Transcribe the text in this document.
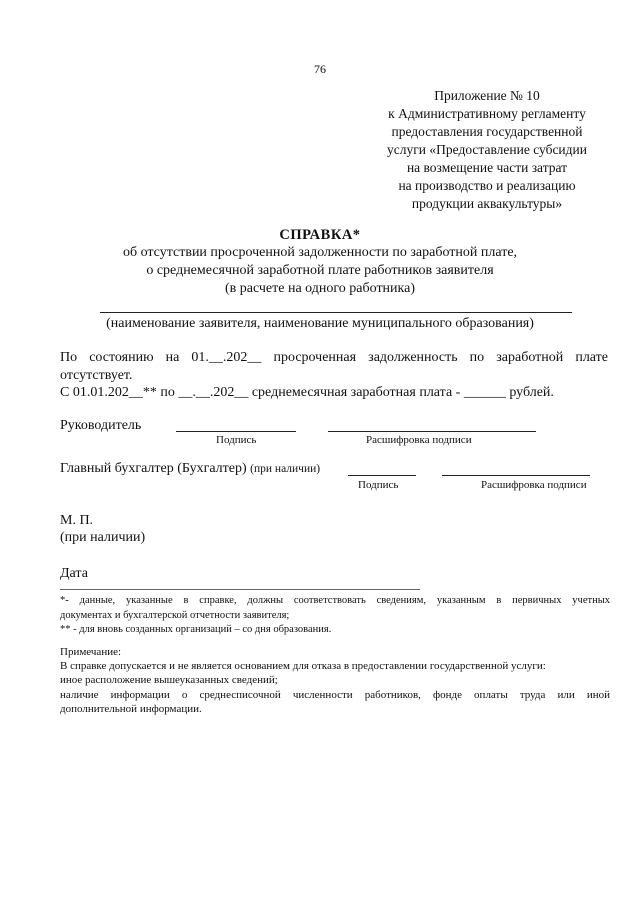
76
Приложение № 10
к Административному регламенту
предоставления государственной
услуги «Предоставление субсидии
на возмещение части затрат
на производство и реализацию
продукции аквакультуры»
СПРАВКА*
об отсутствии просроченной задолженности по заработной плате,
о среднемесячной заработной плате работников заявителя
(в расчете на одного работника)
(наименование заявителя, наименование муниципального образования)
По состоянию на 01.__.202__ просроченная задолженность по заработной плате
отсутствует.
С 01.01.202__** по __.__.202__ среднемесячная заработная плата - ______ рублей.
Руководитель
Подпись	Расшифровка подписи
Главный бухгалтер (Бухгалтер) (при наличии)
Подпись	Расшифровка подписи
М. П.
(при наличии)
Дата
*- данные, указанные в справке, должны соответствовать сведениям, указанным в первичных учетных
документах и бухгалтерской отчетности заявителя;
** - для вновь созданных организаций – со дня образования.
Примечание:
В справке допускается и не является основанием для отказа в предоставлении государственной услуги:
иное расположение вышеуказанных сведений;
наличие информации о среднесписочной численности работников, фонде оплаты труда или иной
дополнительной информации.
